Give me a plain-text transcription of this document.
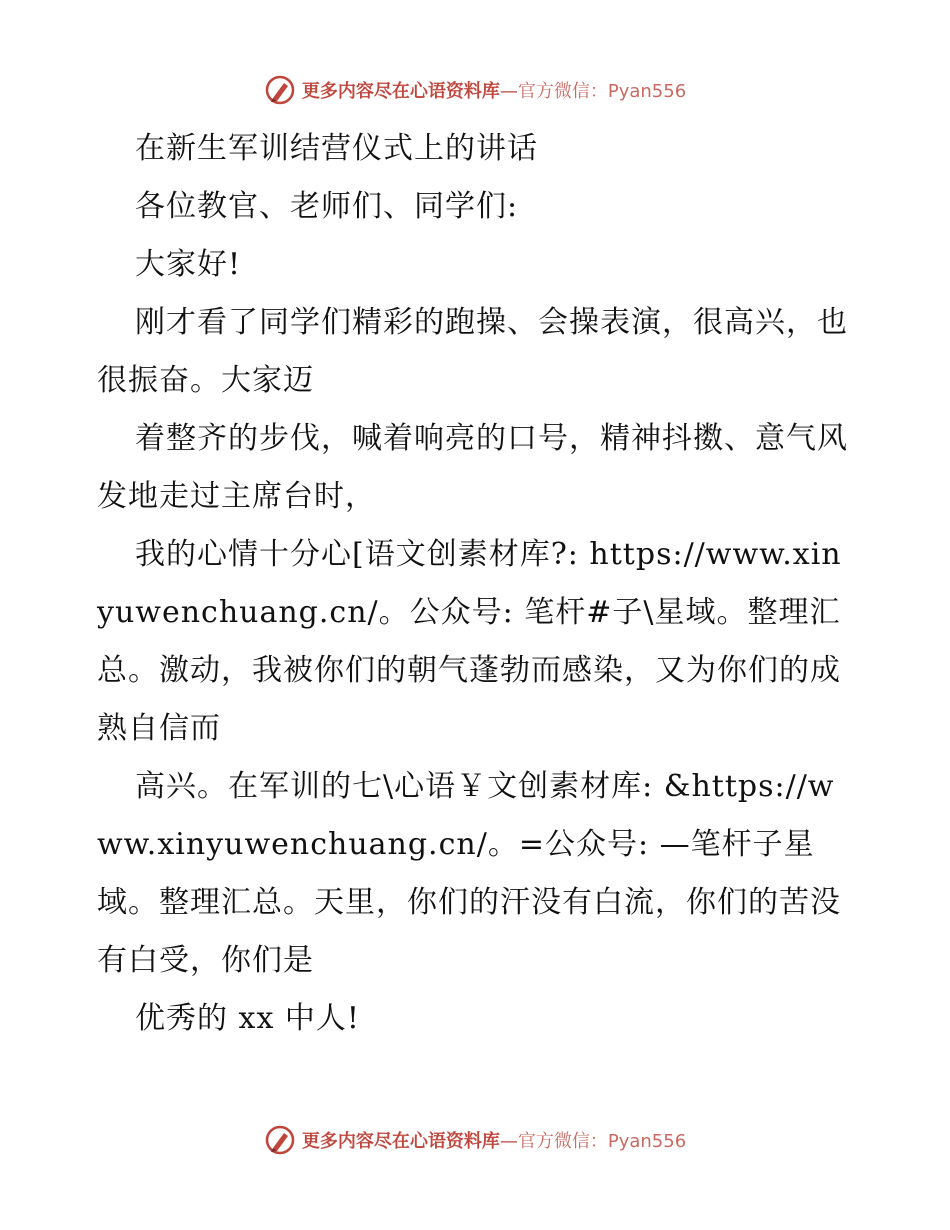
更多内容尽在心语资料库—官方微信：Pyan556

在新生军训结营仪式上的讲话

各位教官、老师们、同学们:

大家好!

刚才看了同学们精彩的跑操、会操表演，很高兴，也很振奋。大家迈

着整齐的步伐，喊着响亮的口号，精神抖擞、意气风发地走过主席台时，

我的心情十分心[语文创素材库?: https://www.xinyuwenchuang.cn/。公众号: 笔杆#子\星域。整理汇总。激动，我被你们的朝气蓬勃而感染，又为你们的成熟自信而

高兴。在军训的七\心语￥文创素材库: &https://www.xinyuwenchuang.cn/。=公众号: —笔杆子星域。整理汇总。天里，你们的汗没有白流，你们的苦没有白受，你们是

优秀的 xx 中人!

更多内容尽在心语资料库—官方微信：Pyan556
